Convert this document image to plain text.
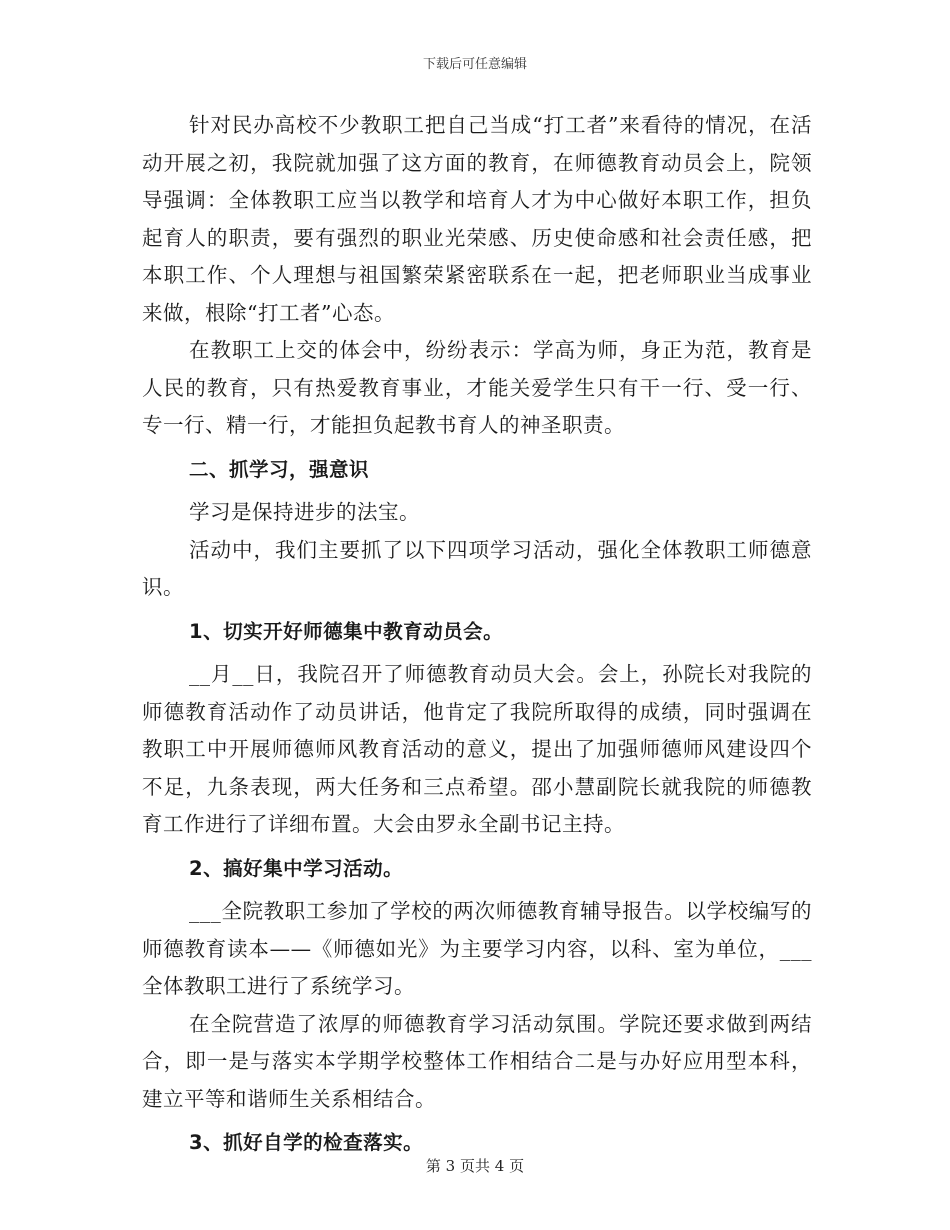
下载后可任意编辑

针对民办高校不少教职工把自己当成“打工者”来看待的情况，在活动开展之初，我院就加强了这方面的教育，在师德教育动员会上，院领导强调：全体教职工应当以教学和培育人才为中心做好本职工作，担负起育人的职责，要有强烈的职业光荣感、历史使命感和社会责任感，把本职工作、个人理想与祖国繁荣紧密联系在一起，把老师职业当成事业来做，根除“打工者”心态。

在教职工上交的体会中，纷纷表示：学高为师，身正为范，教育是人民的教育，只有热爱教育事业，才能关爱学生只有干一行、受一行、专一行、精一行，才能担负起教书育人的神圣职责。

二、抓学习，强意识

学习是保持进步的法宝。

活动中，我们主要抓了以下四项学习活动，强化全体教职工师德意识。

1、切实开好师德集中教育动员会。

__月__日，我院召开了师德教育动员大会。会上，孙院长对我院的师德教育活动作了动员讲话，他肯定了我院所取得的成绩，同时强调在教职工中开展师德师风教育活动的意义，提出了加强师德师风建设四个不足，九条表现，两大任务和三点希望。邵小慧副院长就我院的师德教育工作进行了详细布置。大会由罗永全副书记主持。

2、搞好集中学习活动。

___全院教职工参加了学校的两次师德教育辅导报告。以学校编写的师德教育读本——《师德如光》为主要学习内容，以科、室为单位，___全体教职工进行了系统学习。

在全院营造了浓厚的师德教育学习活动氛围。学院还要求做到两结合，即一是与落实本学期学校整体工作相结合二是与办好应用型本科，建立平等和谐师生关系相结合。

3、抓好自学的检查落实。

第 3 页共 4 页
